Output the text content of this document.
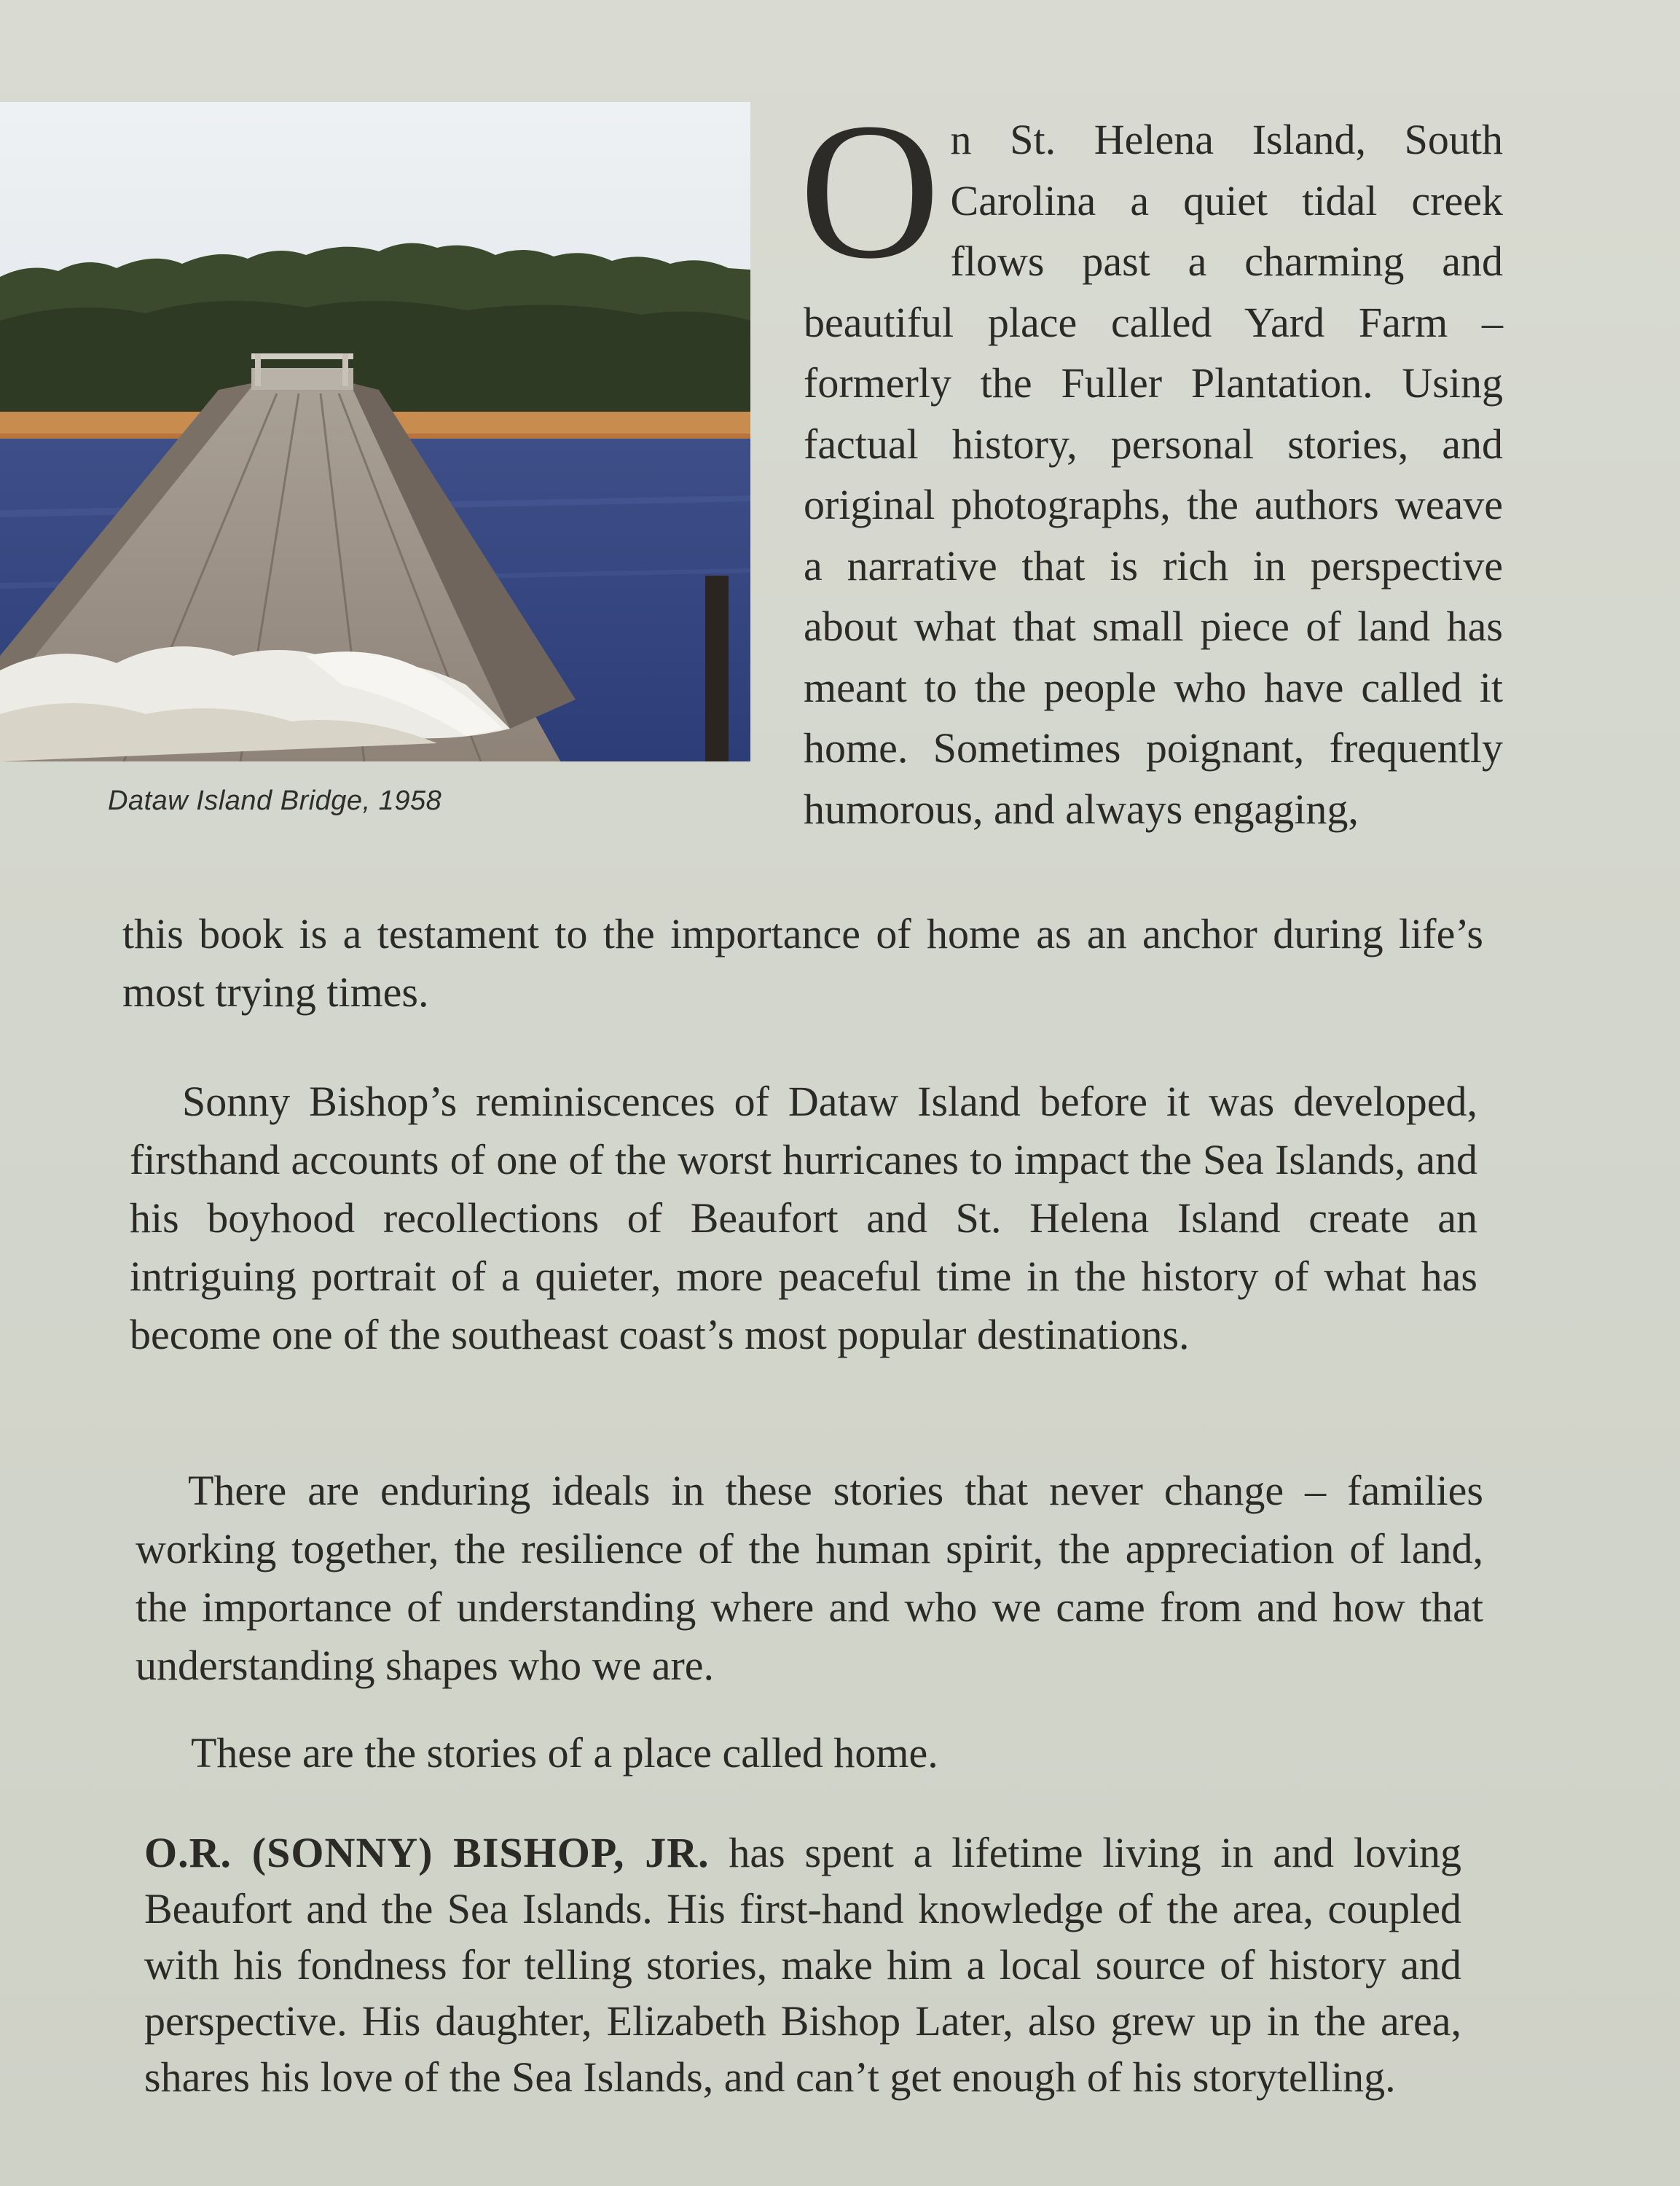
Dataw Island Bridge, 1958
O n St. Helena Island, South Carolina a quiet tidal creek flows past a charming and beautiful place called Yard Farm – formerly the Fuller Plantation. Using factual history, personal stories, and original photographs, the authors weave a narrative that is rich in perspective about what that small piece of land has meant to the people who have called it home. Sometimes poignant, frequently humorous, and always engaging,
this book is a testament to the importance of home as an anchor during life’s most trying times.
Sonny Bishop’s reminiscences of Dataw Island before it was developed, firsthand accounts of one of the worst hurricanes to impact the Sea Islands, and his boyhood recollections of Beaufort and St. Helena Island create an intriguing portrait of a quieter, more peaceful time in the history of what has become one of the southeast coast’s most popular destinations.
There are enduring ideals in these stories that never change – families working together, the resilience of the human spirit, the appreciation of land, the importance of understanding where and who we came from and how that understanding shapes who we are.
These are the stories of a place called home.
O.R. (SONNY) BISHOP, JR. has spent a lifetime living in and loving Beaufort and the Sea Islands. His first-hand knowledge of the area, coupled with his fondness for telling stories, make him a local source of history and perspective. His daughter, Elizabeth Bishop Later, also grew up in the area, shares his love of the Sea Islands, and can’t get enough of his storytelling.
